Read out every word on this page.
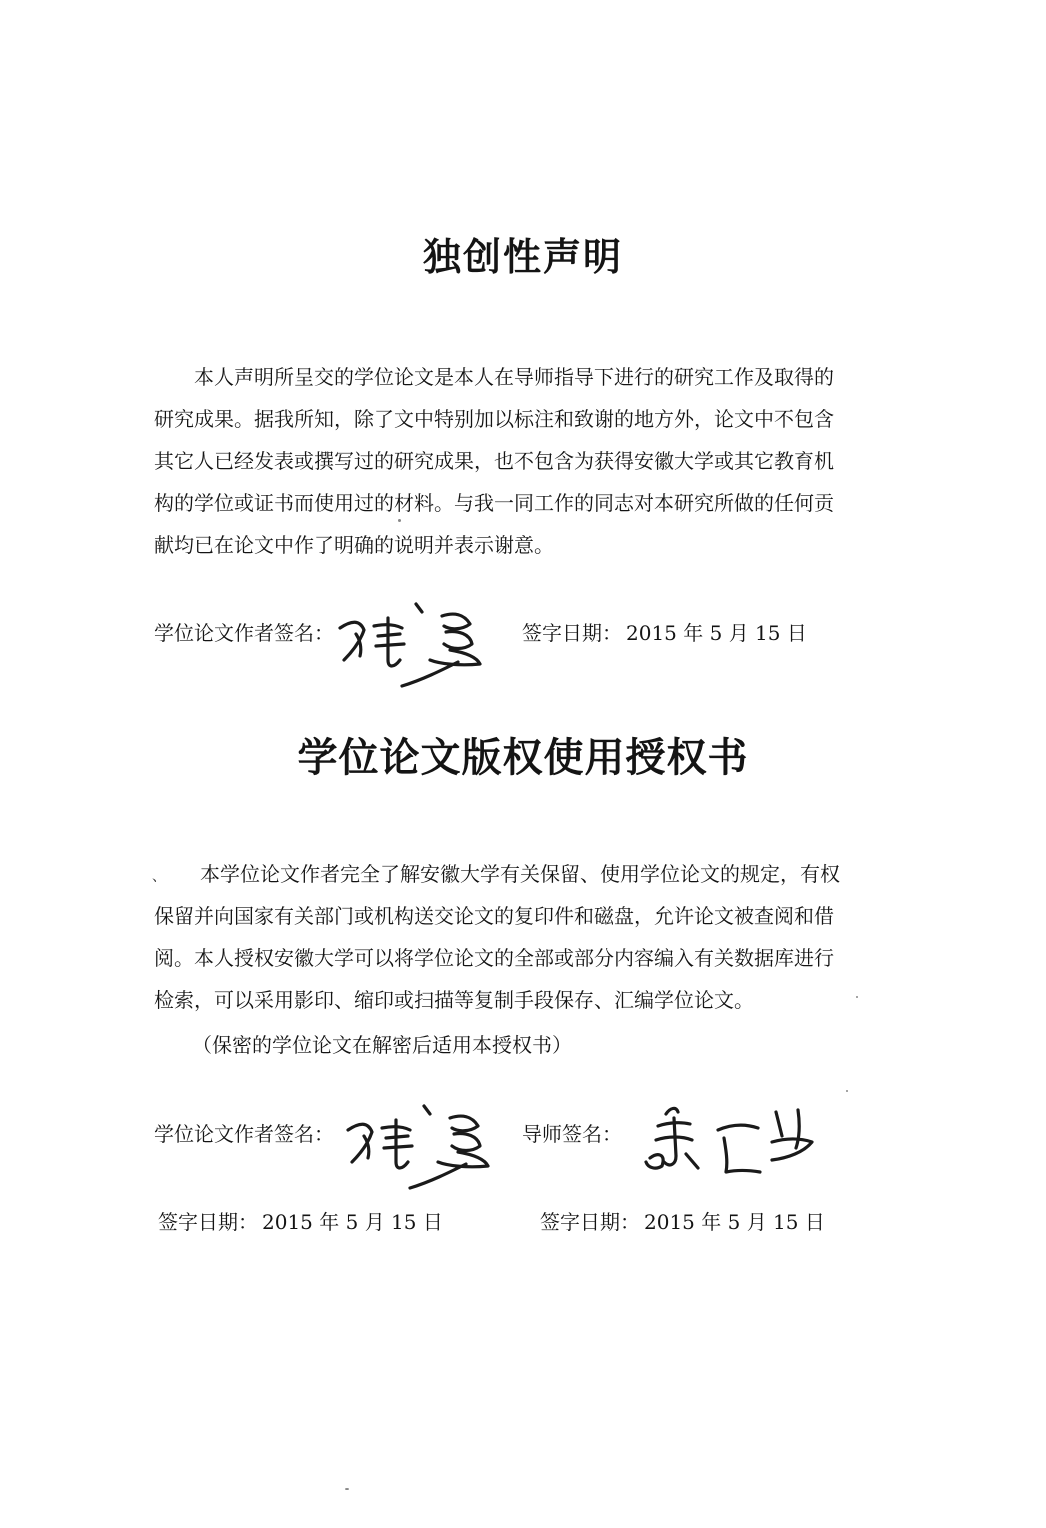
独创性声明
本人声明所呈交的学位论文是本人在导师指导下进行的研究工作及取得的
研究成果。据我所知，除了文中特别加以标注和致谢的地方外，论文中不包含
其它人已经发表或撰写过的研究成果，也不包含为获得安徽大学或其它教育机
构的学位或证书而使用过的材料。与我一同工作的同志对本研究所做的任何贡
献均已在论文中作了明确的说明并表示谢意。
学位论文作者签名：	签字日期： 2015 年 5 月 15 日
学位论文版权使用授权书
、 本学位论文作者完全了解安徽大学有关保留、使用学位论文的规定，有权
保留并向国家有关部门或机构送交论文的复印件和磁盘，允许论文被查阅和借
阅。本人授权安徽大学可以将学位论文的全部或部分内容编入有关数据库进行
检索，可以采用影印、缩印或扫描等复制手段保存、汇编学位论文。
（保密的学位论文在解密后适用本授权书）
学位论文作者签名：	导师签名：
签字日期： 2015 年 5 月 15 日	签字日期： 2015 年 5 月 15 日
